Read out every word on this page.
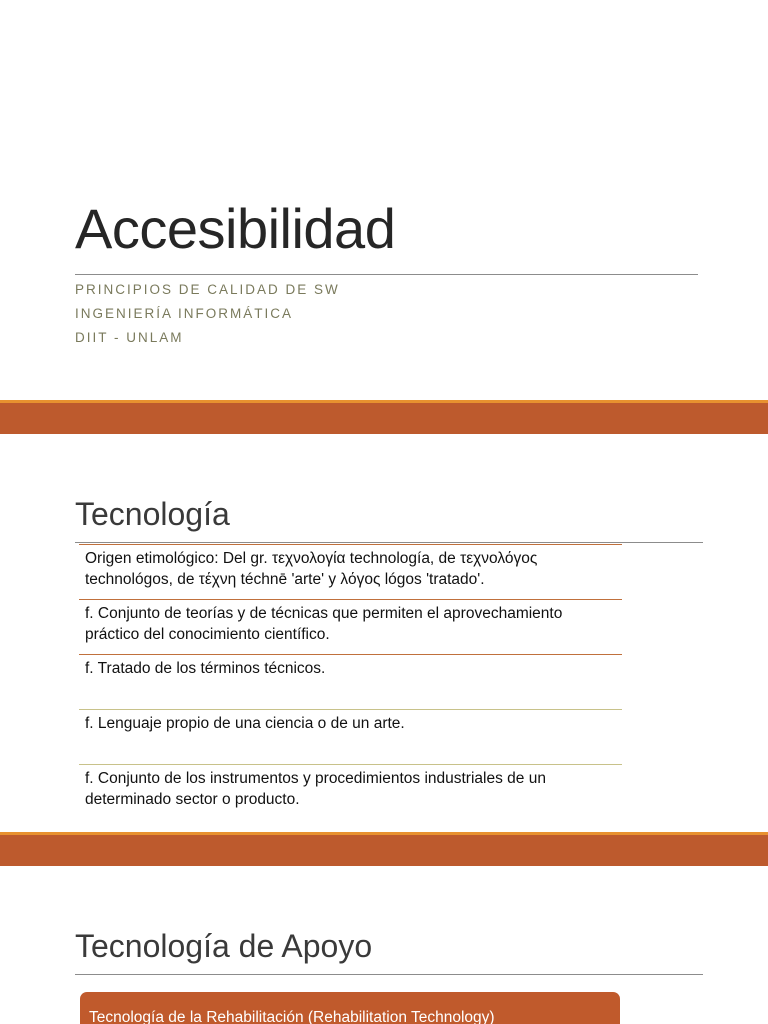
Accesibilidad

PRINCIPIOS DE CALIDAD DE SW

INGENIERÍA INFORMÁTICA

DIIT - UNLAM

Tecnología
Origen etimológico: Del gr. τεχνολογία technología, de τεχνολόγος technológos, de τέχνη téchnē 'arte' y λόγος lógos 'tratado'.
f. Conjunto de teorías y de técnicas que permiten el aprovechamiento práctico del conocimiento científico.
f. Tratado de los términos técnicos.
f. Lenguaje propio de una ciencia o de un arte.
f. Conjunto de los instrumentos y procedimientos industriales de un determinado sector o producto.
Tecnología de Apoyo
Tecnología de la Rehabilitación (Rehabilitation Technology)
